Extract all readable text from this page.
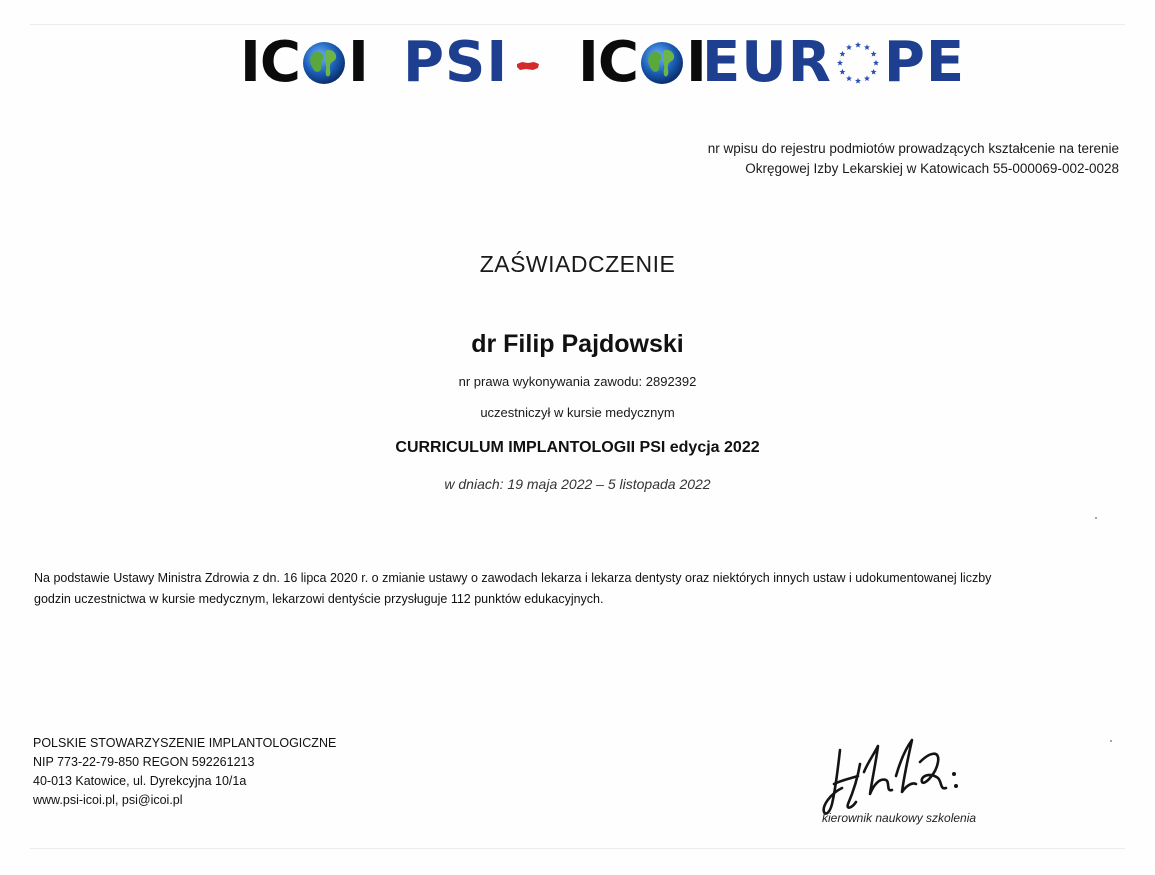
IC I PSI IC I
EUR PE
nr wpisu do rejestru podmiotów prowadzących kształcenie na terenie
Okręgowej Izby Lekarskiej w Katowicach 55-000069-002-0028
ZAŚWIADCZENIE
dr Filip Pajdowski
nr prawa wykonywania zawodu: 2892392
uczestniczył w kursie medycznym
CURRICULUM IMPLANTOLOGII PSI edycja 2022
w dniach: 19 maja 2022 – 5 listopada 2022
Na podstawie Ustawy Ministra Zdrowia z dn. 16 lipca 2020 r. o zmianie ustawy o zawodach lekarza i lekarza dentysty oraz niektórych innych ustaw i udokumentowanej liczby
godzin uczestnictwa w kursie medycznym, lekarzowi dentyście przysługuje 112 punktów edukacyjnych.
POLSKIE STOWARZYSZENIE IMPLANTOLOGICZNE
NIP 773-22-79-850 REGON 592261213
40-013 Katowice, ul. Dyrekcyjna 10/1a
www.psi-icoi.pl, psi@icoi.pl
kierownik naukowy szkolenia
